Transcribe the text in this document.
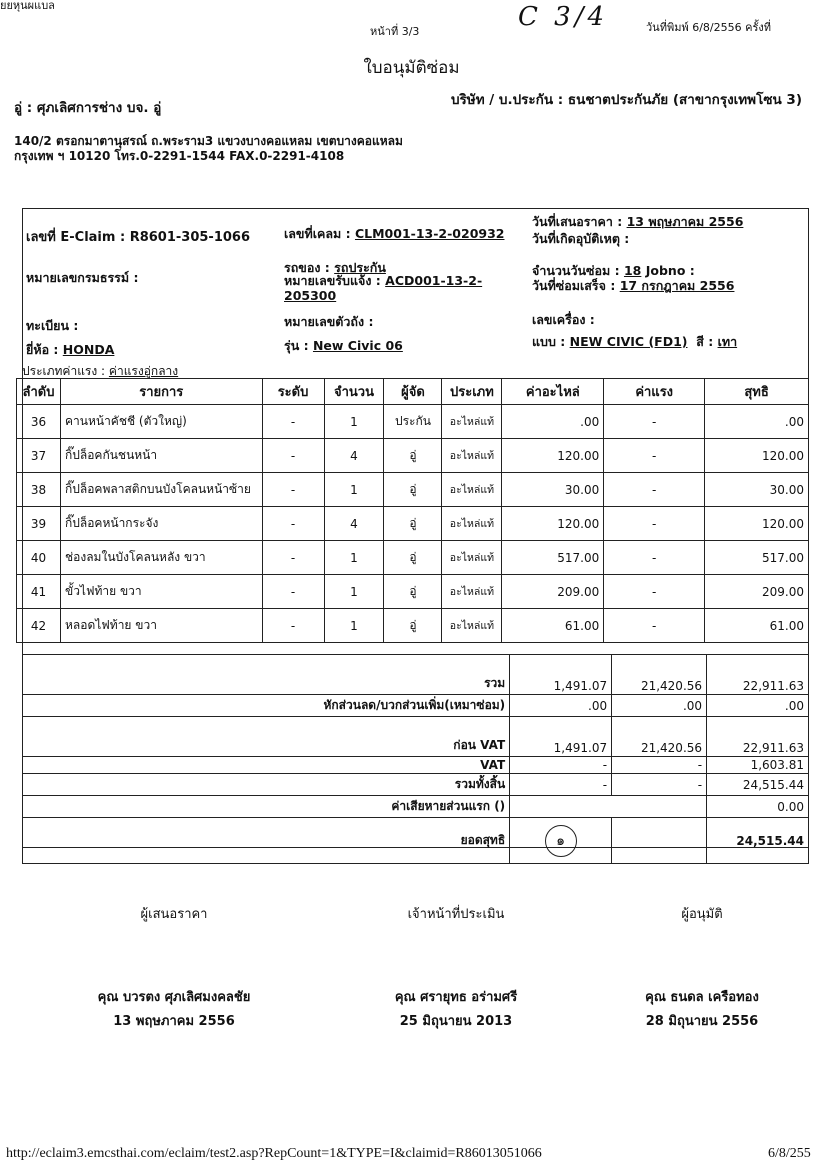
ยยหุนผแบล
หน้าที่ 3/3	C 3/4	วันที่พิมพ์ 6/8/2556 ครั้งที่
ใบอนุมัติซ่อม
อู่ : ศุภเลิศการช่าง บจ. อู่	บริษัท / บ.ประกัน : ธนชาตประกันภัย (สาขากรุงเทพโซน 3)
140/2 ตรอกมาตานุสรณ์ ถ.พระราม3 แขวงบางคอแหลม เขตบางคอแหลม กรุงเทพ ฯ 10120 โทร.0-2291-1544 FAX.0-2291-4108
เลขที่ E-Claim : R8601-305-1066	เลขที่เคลม : CLM001-13-2-020932
วันที่เสนอราคา : 13 พฤษภาคม 2556
วันที่เกิดอุบัติเหตุ :
หมายเลขกรมธรรม์ :
รถของ : รถประกัน
หมายเลขรับแจ้ง : ACD001-13-2-205300
จำนวนวันซ่อม : 18 Jobno :
วันที่ซ่อมเสร็จ : 17 กรกฎาคม 2556
ทะเบียน :	หมายเลขตัวถัง :	เลขเครื่อง :
ยี่ห้อ : HONDA	รุ่น : New Civic 06	แบบ : NEW CIVIC (FD1) สี : เทา
ประเภทค่าแรง : ค่าแรงอู่กลาง
ลำดับ	รายการ	ระดับ	จำนวน	ผู้จัด	ประเภท	ค่าอะไหล่	ค่าแรง	สุทธิ
36	คานหน้าคัชชี (ตัวใหญ่)	-	1	ประกัน	อะไหล่แท้	.00	-	.00
37	กิ๊ปล็อคกันชนหน้า	-	4	อู่	อะไหล่แท้	120.00	-	120.00
38	กิ๊ปล็อคพลาสติกบนบังโคลนหน้าซ้าย	-	1	อู่	อะไหล่แท้	30.00	-	30.00
39	กิ๊ปล็อคหน้ากระจัง	-	4	อู่	อะไหล่แท้	120.00	-	120.00
40	ช่องลมในบังโคลนหลัง ขวา	-	1	อู่	อะไหล่แท้	517.00	-	517.00
41	ขั้วไฟท้าย ขวา	-	1	อู่	อะไหล่แท้	209.00	-	209.00
42	หลอดไฟท้าย ขวา	-	1	อู่	อะไหล่แท้	61.00	-	61.00
รวม	1,491.07	21,420.56	22,911.63
หักส่วนลด/บวกส่วนเพิ่ม(เหมาซ่อม)	.00	.00	.00
ก่อน VAT	1,491.07	21,420.56	22,911.63
VAT	-	-	1,603.81
รวมทั้งสิ้น	-	-	24,515.44
ค่าเสียหายส่วนแรก ()			0.00
ยอดสุทธิ	๑		24,515.44
ผู้เสนอราคา	เจ้าหน้าที่ประเมิน	ผู้อนุมัติ
คุณ บวรตง ศุภเลิศมงคลชัย	คุณ ศรายุทธ อร่ามศรี	คุณ ธนดล เครือทอง
13 พฤษภาคม 2556	25 มิถุนายน 2013	28 มิถุนายน 2556
http://eclaim3.emcsthai.com/eclaim/test2.asp?RepCount=1&TYPE=I&claimid=R86013051066	6/8/255
